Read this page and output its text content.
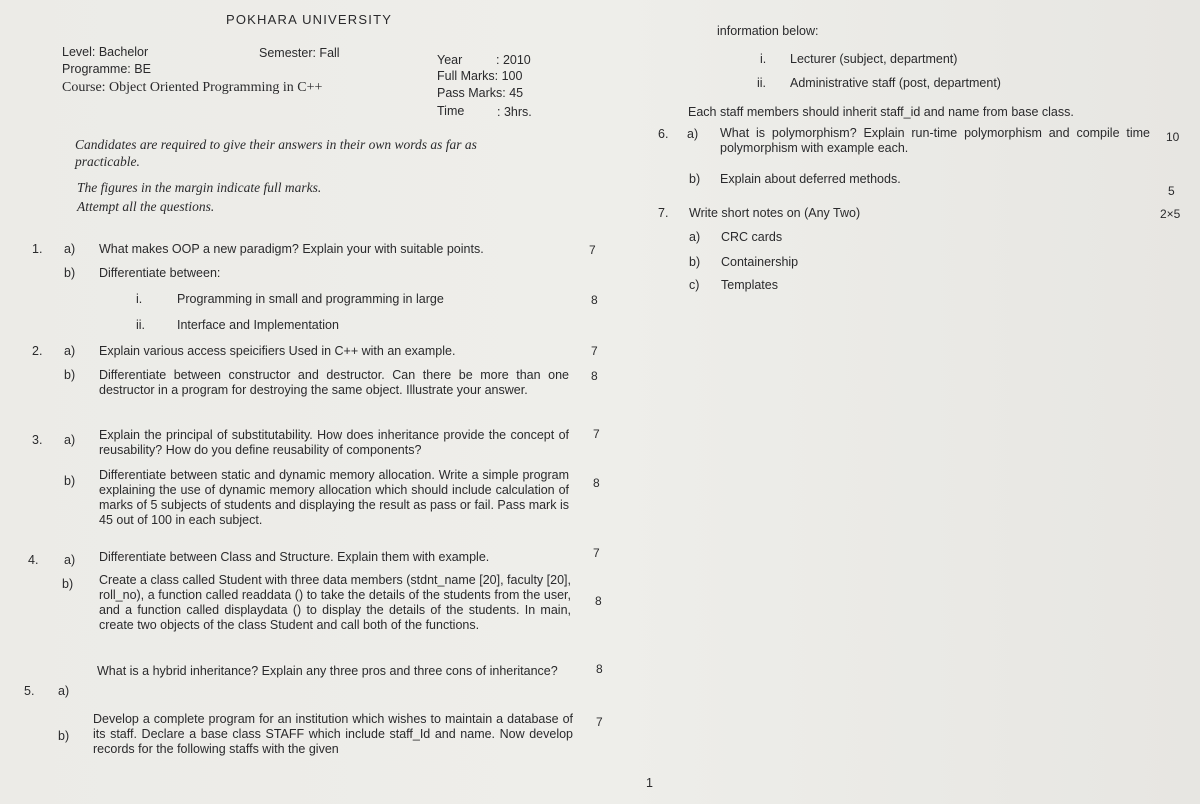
POKHARA UNIVERSITY
Level: Bachelor	Semester: Fall
Programme: BE
Course: Object Oriented Programming in C++
Year	: 2010
Full Marks: 100
Pass Marks: 45
Time	: 3hrs.
Candidates are required to give their answers in their own words as far as
practicable.
The figures in the margin indicate full marks.
Attempt all the questions.
1. a) What makes OOP a new paradigm? Explain your with suitable points.	7
b) Differentiate between:
i.	Programming in small and programming in large	8
ii.	Interface and Implementation
2. a) Explain various access speicifiers Used in C++ with an example.	7
b) Differentiate between constructor and destructor. Can there be more than one destructor in a program for destroying the same object. Illustrate your answer.
8
3. a) Explain the principal of substitutability. How does inheritance provide the concept of reusability? How do you define reusability of components?
7
b) Differentiate between static and dynamic memory allocation. Write a simple program explaining the use of dynamic memory allocation which should include calculation of marks of 5 subjects of students and displaying the result as pass or fail. Pass mark is 45 out of 100 in each subject.
8
4. a) Differentiate between Class and Structure. Explain them with example.	7
b) Create a class called Student with three data members (stdnt_name [20], faculty [20], roll_no), a function called readdata () to take the details of the students from the user, and a function called displaydata () to display the details of the students. In main, create two objects of the class Student and call both of the functions.
8
5. a)
What is a hybrid inheritance? Explain any three pros and three cons of inheritance?	8
b)
Develop a complete program for an institution which wishes to maintain a database of its staff. Declare a base class STAFF which include staff_Id and name. Now develop records for the following staffs with the given
7
1
information below:
i. Lecturer (subject, department)
ii. Administrative staff (post, department)
Each staff members should inherit staff_id and name from base class.
6. a) What is polymorphism? Explain run-time polymorphism and compile time polymorphism with example each.
10
b) Explain about deferred methods.
5
7. Write short notes on (Any Two)	2×5
a) CRC cards
b) Containership
c) Templates
